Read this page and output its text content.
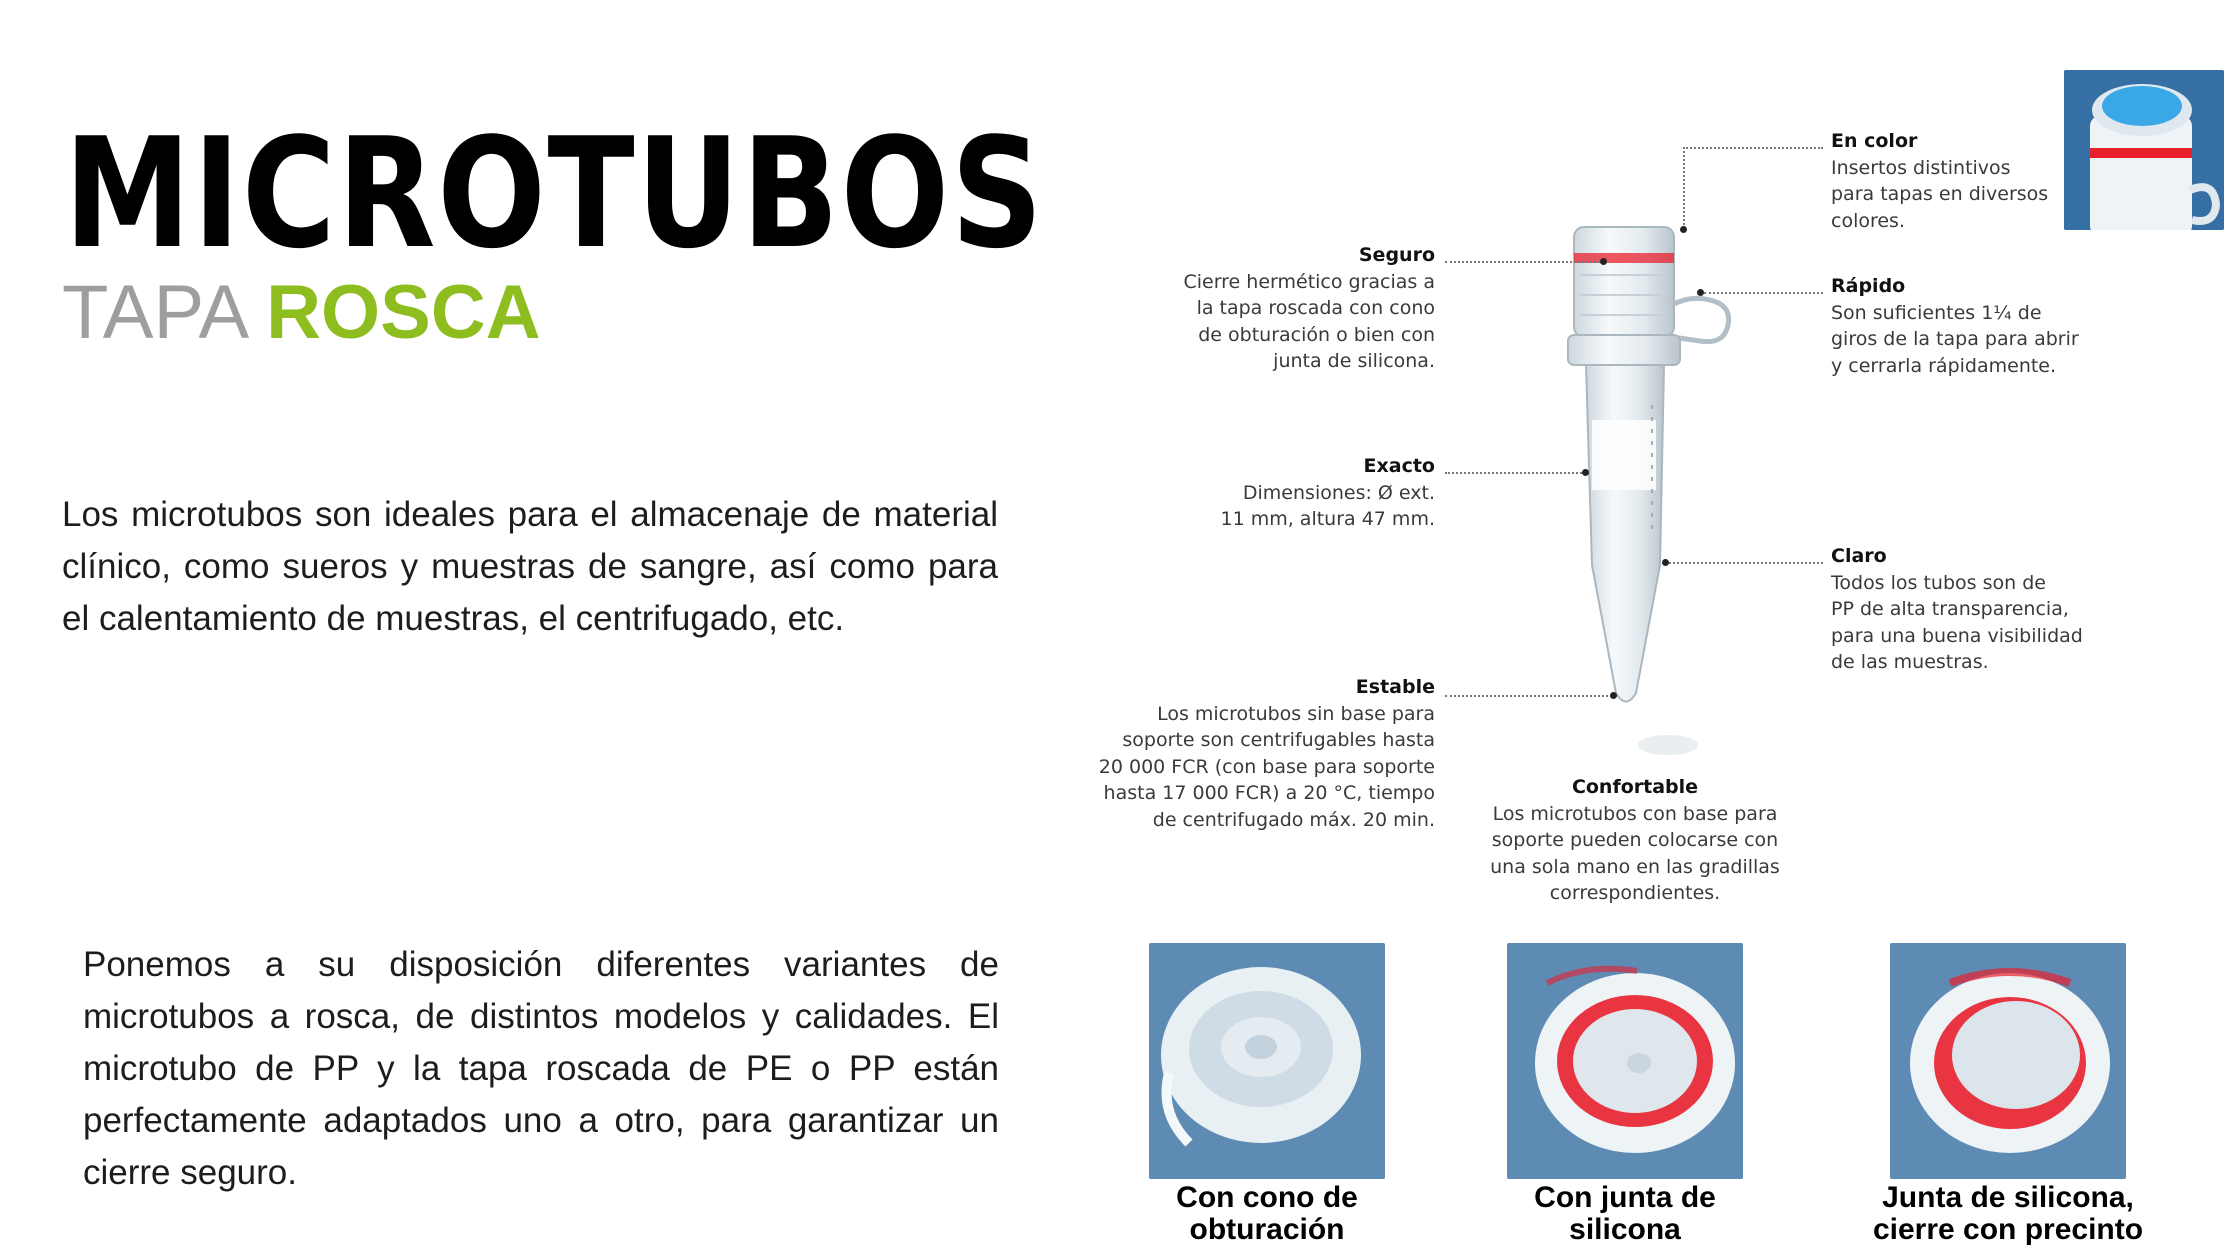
MICROTUBOS
TAPA ROSCA
Los microtubos son ideales para el almacenaje de material clínico, como sueros y muestras de sangre, así como para el calentamiento de muestras, el centrifugado, etc.
Ponemos a su disposición diferentes variantes de microtubos a rosca, de distintos modelos y calidades. El microtubo de PP y la tapa roscada de PE o PP están perfectamente adaptados uno a otro, para garantizar un cierre seguro.
En color
Insertos distintivos
para tapas en diversos
colores.
Seguro
Cierre hermético gracias a
la tapa roscada con cono
de obturación o bien con
junta de silicona.
Rápido
Son suficientes 1¼ de
giros de la tapa para abrir
y cerrarla rápidamente.
Exacto
Dimensiones: Ø ext.
11 mm, altura 47 mm.
Claro
Todos los tubos son de
PP de alta transparencia,
para una buena visibilidad
de las muestras.
Estable
Los microtubos sin base para
soporte son centrifugables hasta
20 000 FCR (con base para soporte
hasta 17 000 FCR) a 20 °C, tiempo
de centrifugado máx. 20 min.
Confortable
Los microtubos con base para
soporte pueden colocarse con
una sola mano en las gradillas
correspondientes.
Con cono de
obturación
Con junta de
silicona
Junta de silicona,
cierre con precinto
